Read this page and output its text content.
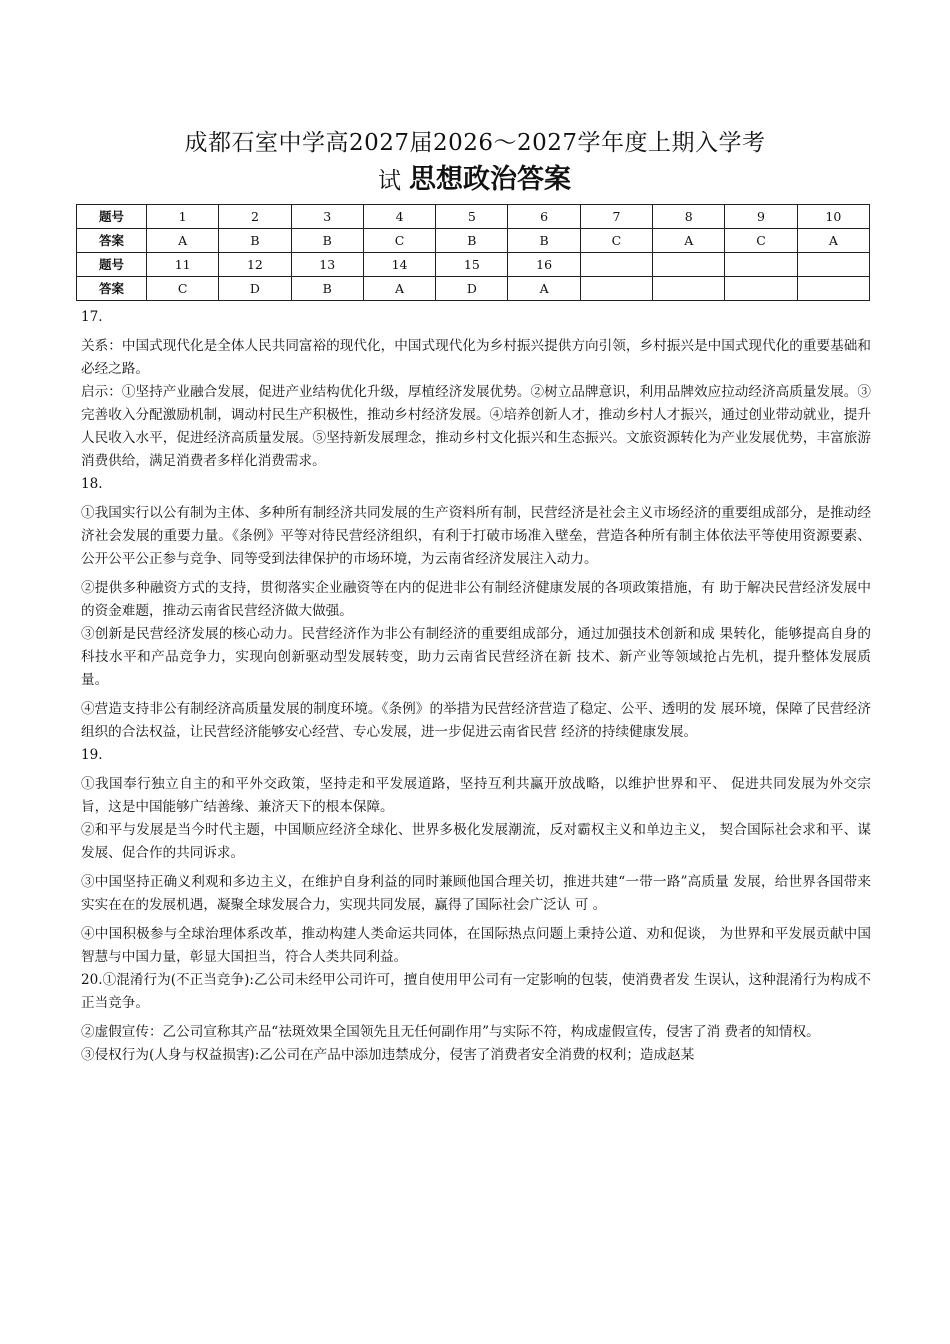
成都石室中学高2027届2026～2027学年度上期入学考
试 思想政治答案
题号	1	2	3	4	5	6	7	8	9	10
答案	A	B	B	C	B	B	C	A	C	A
题号	11	12	13	14	15	16				
答案	C	D	B	A	D	A				

17.

关系：中国式现代化是全体人民共同富裕的现代化，中国式现代化为乡村振兴提供方向引领，乡村振兴是中国式现代化的重要基础和必经之路。

启示：①坚持产业融合发展，促进产业结构优化升级，厚植经济发展优势。②树立品牌意识，利用品牌效应拉动经济高质量发展。③完善收入分配激励机制，调动村民生产积极性，推动乡村经济发展。④培养创新人才，推动乡村人才振兴，通过创业带动就业，提升人民收入水平，促进经济高质量发展。⑤坚持新发展理念，推动乡村文化振兴和生态振兴。文旅资源转化为产业发展优势，丰富旅游消费供给，满足消费者多样化消费需求。

18.

①我国实行以公有制为主体、多种所有制经济共同发展的生产资料所有制，民营经济是社会主义市场经济的重要组成部分，是推动经济社会发展的重要力量。《条例》平等对待民营经济组织，有利于打破市场准入壁垒，营造各种所有制主体依法平等使用资源要素、公开公平公正参与竞争、同等受到法律保护的市场环境，为云南省经济发展注入动力。

②提供多种融资方式的支持，贯彻落实企业融资等在内的促进非公有制经济健康发展的各项政策措施，有 助于解决民营经济发展中的资金难题，推动云南省民营经济做大做强。

③创新是民营经济发展的核心动力。民营经济作为非公有制经济的重要组成部分，通过加强技术创新和成 果转化，能够提高自身的科技水平和产品竞争力，实现向创新驱动型发展转变，助力云南省民营经济在新 技术、新产业等领域抢占先机，提升整体发展质量。

④营造支持非公有制经济高质量发展的制度环境。《条例》的举措为民营经济营造了稳定、公平、透明的发 展环境，保障了民营经济组织的合法权益，让民营经济能够安心经营、专心发展，进一步促进云南省民营 经济的持续健康发展。

19.

①我国奉行独立自主的和平外交政策，坚持走和平发展道路，坚持互利共赢开放战略，以维护世界和平、 促进共同发展为外交宗旨，这是中国能够广结善缘、兼济天下的根本保障。

②和平与发展是当今时代主题，中国顺应经济全球化、世界多极化发展潮流，反对霸权主义和单边主义， 契合国际社会求和平、谋发展、促合作的共同诉求。

③中国坚持正确义利观和多边主义，在维护自身利益的同时兼顾他国合理关切，推进共建“一带一路”高质量 发展，给世界各国带来实实在在的发展机遇，凝聚全球发展合力，实现共同发展，赢得了国际社会广泛认 可 。

④中国积极参与全球治理体系改革，推动构建人类命运共同体，在国际热点问题上秉持公道、劝和促谈， 为世界和平发展贡献中国智慧与中国力量，彰显大国担当，符合人类共同利益。

20.①混淆行为(不正当竞争):乙公司未经甲公司许可，擅自使用甲公司有一定影响的包装，使消费者发 生误认，这种混淆行为构成不正当竞争。

②虚假宣传：乙公司宣称其产品“祛斑效果全国领先且无任何副作用”与实际不符，构成虚假宣传，侵害了消 费者的知情权。

③侵权行为(人身与权益损害):乙公司在产品中添加违禁成分，侵害了消费者安全消费的权利；造成赵某
